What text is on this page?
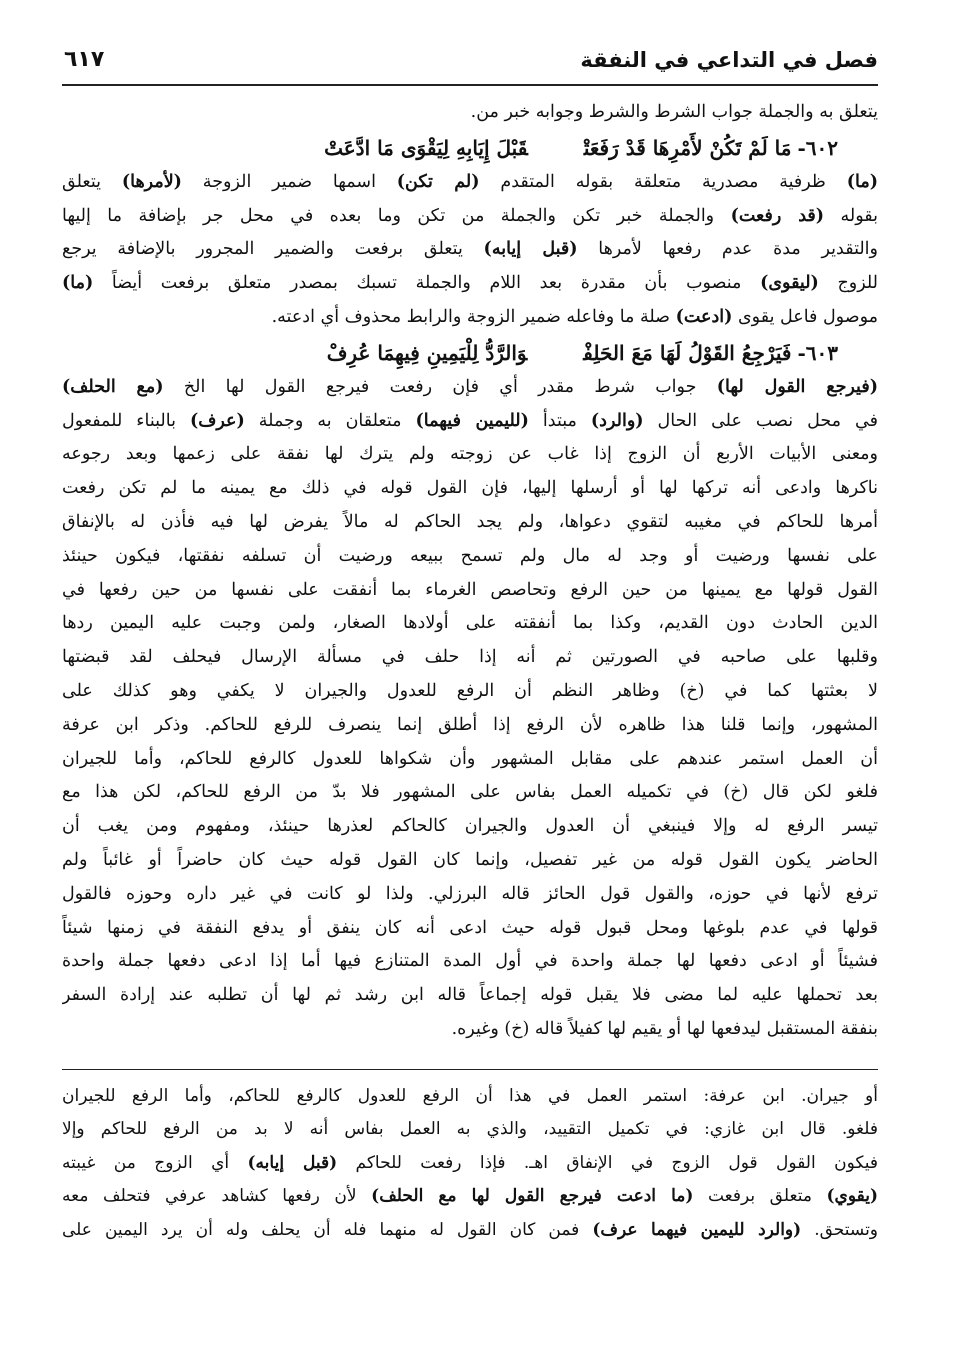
فصل في التداعي في النفقة
٦١٧
يتعلق به والجملة جواب الشرط والشرط وجوابه خبر من.
٦٠٢-مَا لَمْ تَكُنْ لأَمْرِهَا قَدْ رَفَعَتْقَبْلَ إِيَابِهِ لِيَقْوَى مَا ادَّعَتْ
(ما) ظرفية مصدرية متعلقة بقوله المتقدم (لم تكن) اسمها ضمير الزوجة (لأمرها) يتعلق
بقوله (قد رفعت) والجملة خبر تكن والجملة من تكن وما بعده في محل جر بإضافة ما إليها
والتقدير مدة عدم رفعها لأمرها (قبل إيابه) يتعلق برفعت والضمير المجرور بالإضافة يرجع
للزوج (ليقوى) منصوب بأن مقدرة بعد اللام والجملة تسبك بمصدر متعلق برفعت أيضاً (ما)
موصول فاعل يقوى (ادعت) صلة ما وفاعله ضمير الزوجة والرابط محذوف أي ادعته.
٦٠٣-فَيَرْجِعُ القَوْلُ لَهَا مَعَ الحَلِفْوَالرَّدُّ لِلْيَمِينِ فِيهِمَا عُرِفْ
(فيرجع القول لها) جواب شرط مقدر أي فإن رفعت فيرجع القول لها الخ (مع الحلف)
في محل نصب على الحال (والرد) مبتدأ (لليمين فيهما) متعلقان به وجملة (عرف) بالبناء للمفعول
ومعنى الأبيات الأربع أن الزوج إذا غاب عن زوجته ولم يترك لها نفقة على زعمها وبعد رجوعه
ناكرها وادعى أنه تركها لها أو أرسلها إليها، فإن القول قوله في ذلك مع يمينه ما لم تكن رفعت
أمرها للحاكم في مغيبه لتقوي دعواها، ولم يجد الحاكم له مالاً يفرض لها فيه فأذن له بالإنفاق
على نفسها ورضيت أو وجد له مال ولم تسمح ببيعه ورضيت أن تسلفه نفقتها، فيكون حينئذ
القول قولها مع يمينها من حين الرفع وتحاصص الغرماء بما أنفقت على نفسها من حين رفعها في
الدين الحادث دون القديم، وكذا بما أنفقته على أولادها الصغار، ولمن وجبت عليه اليمين ردها
وقلبها على صاحبه في الصورتين ثم أنه إذا حلف في مسألة الإرسال فيحلف لقد قبضتها
لا بعثتها كما في (خ) وظاهر النظم أن الرفع للعدول والجيران لا يكفي وهو كذلك على
المشهور، وإنما قلنا هذا ظاهره لأن الرفع إذا أطلق إنما ينصرف للرفع للحاكم. وذكر ابن عرفة
أن العمل استمر عندهم على مقابل المشهور وأن شكواها للعدول كالرفع للحاكم، وأما للجيران
فلغو لكن قال (خ) في تكميله العمل بفاس على المشهور فلا بدّ من الرفع للحاكم، لكن هذا مع
تيسر الرفع له وإلا فينبغي أن العدول والجيران كالحاكم لعذرها حينئذ، ومفهوم ومن يغب أن
الحاضر يكون القول قوله من غير تفصيل، وإنما كان القول قوله حيث كان حاضراً أو غائباً ولم
ترفع لأنها في حوزه، والقول قول الحائز قاله البرزلي. ولذا لو كانت في غير داره وحوزه فالقول
قولها في عدم بلوغها ومحل قبول قوله حيث ادعى أنه كان ينفق أو يدفع النفقة في زمنها شيئاً
فشيئاً أو ادعى دفعها لها جملة واحدة في أول المدة المتنازع فيها أما إذا ادعى دفعها جملة واحدة
بعد تحملها عليه لما مضى فلا يقبل قوله إجماعاً قاله ابن رشد ثم لها أن تطلبه عند إرادة السفر
بنفقة المستقبل ليدفعها لها أو يقيم لها كفيلاً قاله (خ) وغيره.
أو جيران. ابن عرفة: استمر العمل في هذا أن الرفع للعدول كالرفع للحاكم، وأما الرفع للجيران
فلغو. قال ابن غازي: في تكميل التقييد، والذي به العمل بفاس أنه لا بد من الرفع للحاكم وإلا
فيكون القول قول الزوج في الإنفاق اهـ. فإذا رفعت للحاكم (قبل إيابه) أي الزوج من غيبته
(يقوي) متعلق برفعت (ما ادعت فيرجع القول لها مع الحلف) لأن رفعها كشاهد عرفي فتحلف معه
وتستحق. (والرد لليمين فيهما عرف) فمن كان القول له منهما فله أن يحلف وله أن يرد اليمين على
